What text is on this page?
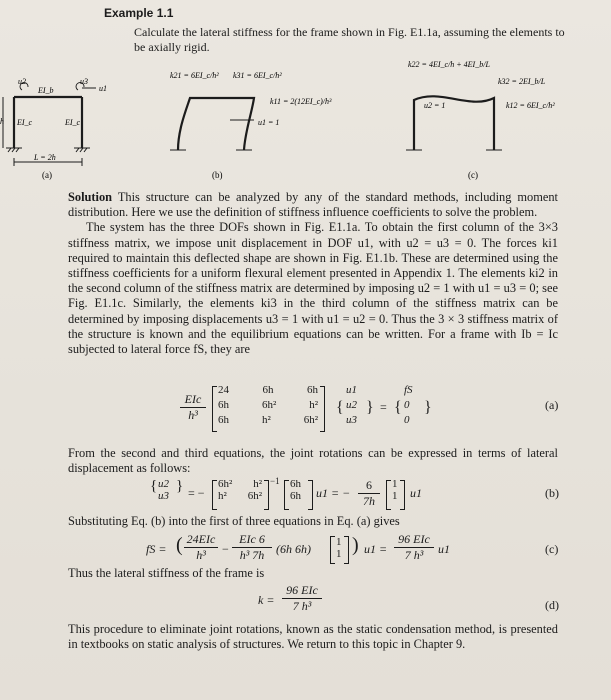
Example 1.1
Calculate the lateral stiffness for the frame shown in Fig. E1.1a, assuming the elements to be axially rigid.
u2	u3
u1
EI_b
EI_c	EI_c
h
L = 2h
(a)
k21 = 6EI_c/h² k31 = 6EI_c/h²
k11 = 2(12EI_c)/h³
u1 = 1
(b)
k22 = 4EI_c/h + 4EI_b/L
k32 = 2EI_b/L
k12 = 6EI_c/h²
u2 = 1
(c)

Solution This structure can be analyzed by any of the standard methods, including moment distribution. Here we use the definition of stiffness influence coefficients to solve the problem.

The system has the three DOFs shown in Fig. E1.1a. To obtain the first column of the 3×3 stiffness matrix, we impose unit displacement in DOF u1, with u2 = u3 = 0. The forces ki1 required to maintain this deflected shape are shown in Fig. E1.1b. These are determined using the stiffness coefficients for a uniform flexural element presented in Appendix 1. The elements ki2 in the second column of the stiffness matrix are determined by imposing u2 = 1 with u1 = u3 = 0; see Fig. E1.1c. Similarly, the elements ki3 in the third column of the stiffness matrix can be determined by imposing displacements u3 = 1 with u1 = u2 = 0. Thus the 3 × 3 stiffness matrix of the structure is known and the equilibrium equations can be written. For a frame with Ib = Ic subjected to lateral force fS, they are

EIc
h³
24	6h	6h
6h	6h²	h²
6h	h²	6h²
{
u1
u2
u3
} = {
fS
0
0
}	(a)
From the second and third equations, the joint rotations can be expressed in terms of lateral displacement as follows:
{ u2
u3
} = −
6h² h²
h² 6h²
−1 6h
6h u1 = −
6
7h
1
1 u1	(b)
Substituting Eq. (b) into the first of three equations in Eq. (a) gives
fS = ( 24EIc
h³	−
EIc 6
h³ 7h (6h 6h) 1
1 ) u1 =
96 EIc
7 h³	u1	(c)
Thus the lateral stiffness of the frame is
k =
96 EIc
7 h³	(d)
This procedure to eliminate joint rotations, known as the static condensation method, is presented in textbooks on static analysis of structures. We return to this topic in Chapter 9.
